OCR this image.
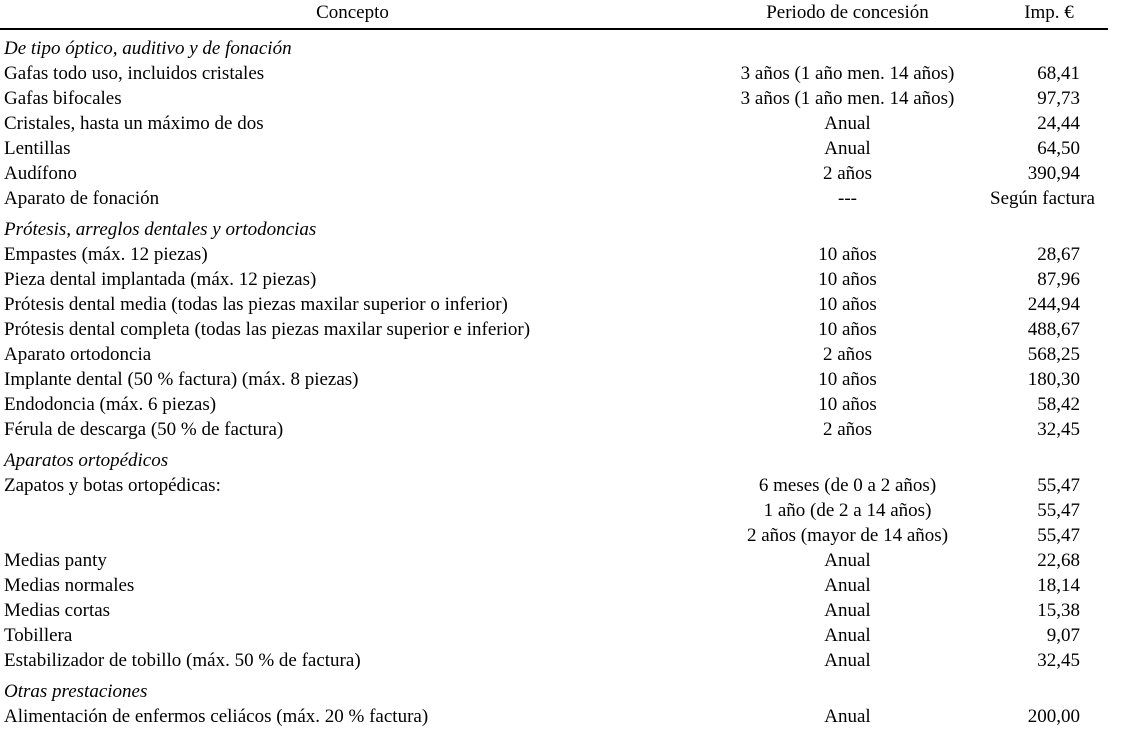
Concepto	Periodo de concesión	Imp. €
De tipo óptico, auditivo y de fonación		
Gafas todo uso, incluidos cristales	3 años (1 año men. 14 años)	68,41
Gafas bifocales	3 años (1 año men. 14 años)	97,73
Cristales, hasta un máximo de dos	Anual	24,44
Lentillas	Anual	64,50
Audífono	2 años	390,94
Aparato de fonación	---	Según factura
Prótesis, arreglos dentales y ortodoncias		
Empastes (máx. 12 piezas)	10 años	28,67
Pieza dental implantada (máx. 12 piezas)	10 años	87,96
Prótesis dental media (todas las piezas maxilar superior o inferior)	10 años	244,94
Prótesis dental completa (todas las piezas maxilar superior e inferior)	10 años	488,67
Aparato ortodoncia	2 años	568,25
Implante dental (50 % factura) (máx. 8 piezas)	10 años	180,30
Endodoncia (máx. 6 piezas)	10 años	58,42
Férula de descarga (50 % de factura)	2 años	32,45
Aparatos ortopédicos		
Zapatos y botas ortopédicas:	6 meses (de 0 a 2 años)	55,47
	1 año (de 2 a 14 años)	55,47
	2 años (mayor de 14 años)	55,47
Medias panty	Anual	22,68
Medias normales	Anual	18,14
Medias cortas	Anual	15,38
Tobillera	Anual	9,07
Estabilizador de tobillo (máx. 50 % de factura)	Anual	32,45
Otras prestaciones		
Alimentación de enfermos celiácos (máx. 20 % factura)	Anual	200,00
